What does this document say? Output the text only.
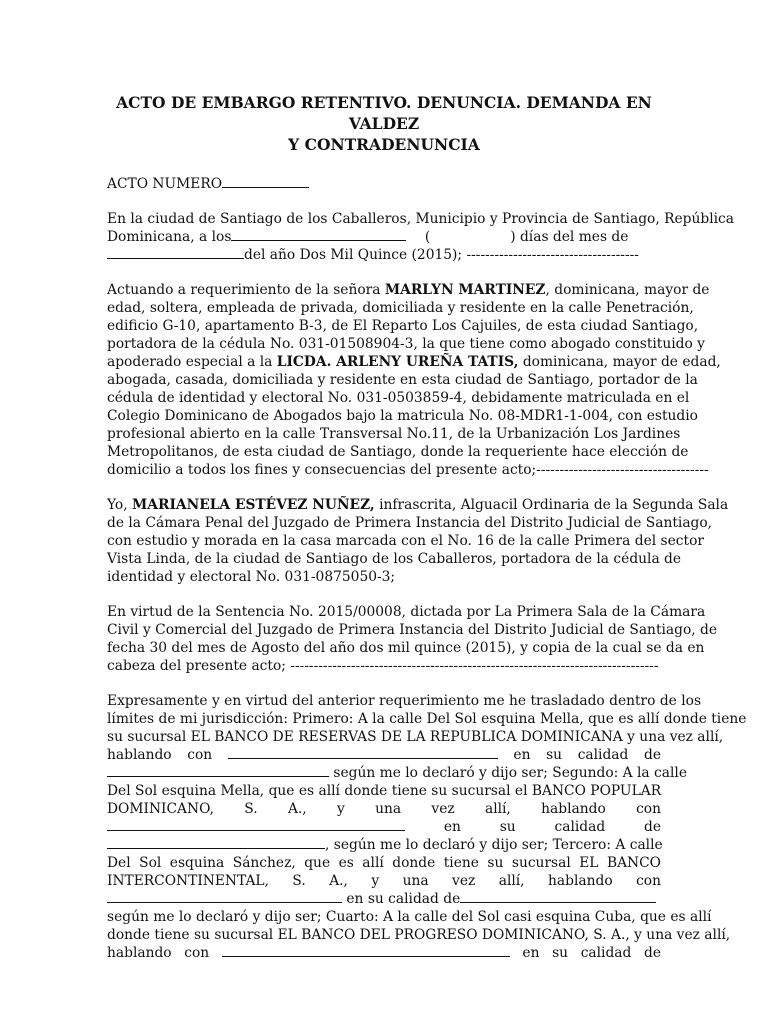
ACTO DE EMBARGO RETENTIVO. DENUNCIA. DEMANDA EN VALDEZ
Y CONTRADENUNCIA
ACTO NUMERO
En la ciudad de Santiago de los Caballeros, Municipio y Provincia de Santiago, República
Dominicana, a los	(	) días del mes de
del año Dos Mil Quince (2015); -------------------------------------
Actuando a requerimiento de la señora MARLYN MARTINEZ, dominicana, mayor de
edad, soltera, empleada de privada, domiciliada y residente en la calle Penetración,
edificio G-10, apartamento B-3, de El Reparto Los Cajuiles, de esta ciudad Santiago,
portadora de la cédula No. 031-01508904-3, la que tiene como abogado constituido y
apoderado especial a la LICDA. ARLENY UREÑA TATIS, dominicana, mayor de edad,
abogada, casada, domiciliada y residente en esta ciudad de Santiago, portador de la
cédula de identidad y electoral No. 031-0503859-4, debidamente matriculada en el
Colegio Dominicano de Abogados bajo la matricula No. 08-MDR1-1-004, con estudio
profesional abierto en la calle Transversal No.11, de la Urbanización Los Jardines
Metropolitanos, de esta ciudad de Santiago, donde la requeriente hace elección de
domicilio a todos los fines y consecuencias del presente acto;-------------------------------------
Yo, MARIANELA ESTÉVEZ NUÑEZ, infrascrita, Alguacil Ordinaria de la Segunda Sala
de la Cámara Penal del Juzgado de Primera Instancia del Distrito Judicial de Santiago,
con estudio y morada en la casa marcada con el No. 16 de la calle Primera del sector
Vista Linda, de la ciudad de Santiago de los Caballeros, portadora de la cédula de
identidad y electoral No. 031-0875050-3;
En virtud de la Sentencia No. 2015/00008, dictada por La Primera Sala de la Cámara
Civil y Comercial del Juzgado de Primera Instancia del Distrito Judicial de Santiago, de
fecha 30 del mes de Agosto del año dos mil quince (2015), y copia de la cual se da en
cabeza del presente acto; -------------------------------------------------------------------------------
Expresamente y en virtud del anterior requerimiento me he trasladado dentro de los
límites de mi jurisdicción: Primero: A la calle Del Sol esquina Mella, que es allí donde tiene
su sucursal EL BANCO DE RESERVAS DE LA REPUBLICA DOMINICANA y una vez allí,
hablando con	en su calidad de
según me lo declaró y dijo ser; Segundo: A la calle
Del Sol esquina Mella, que es allí donde tiene su sucursal el BANCO POPULAR
DOMINICANO, S. A., y una vez allí, hablando con
en	su	calidad	de
, según me lo declaró y dijo ser; Tercero: A calle
Del Sol esquina Sánchez, que es allí donde tiene su sucursal EL BANCO
INTERCONTINENTAL, S. A., y una vez allí, hablando con
en su calidad de
según me lo declaró y dijo ser; Cuarto: A la calle del Sol casi esquina Cuba, que es allí
donde tiene su sucursal EL BANCO DEL PROGRESO DOMINICANO, S. A., y una vez allí,
hablando con	en su calidad de
